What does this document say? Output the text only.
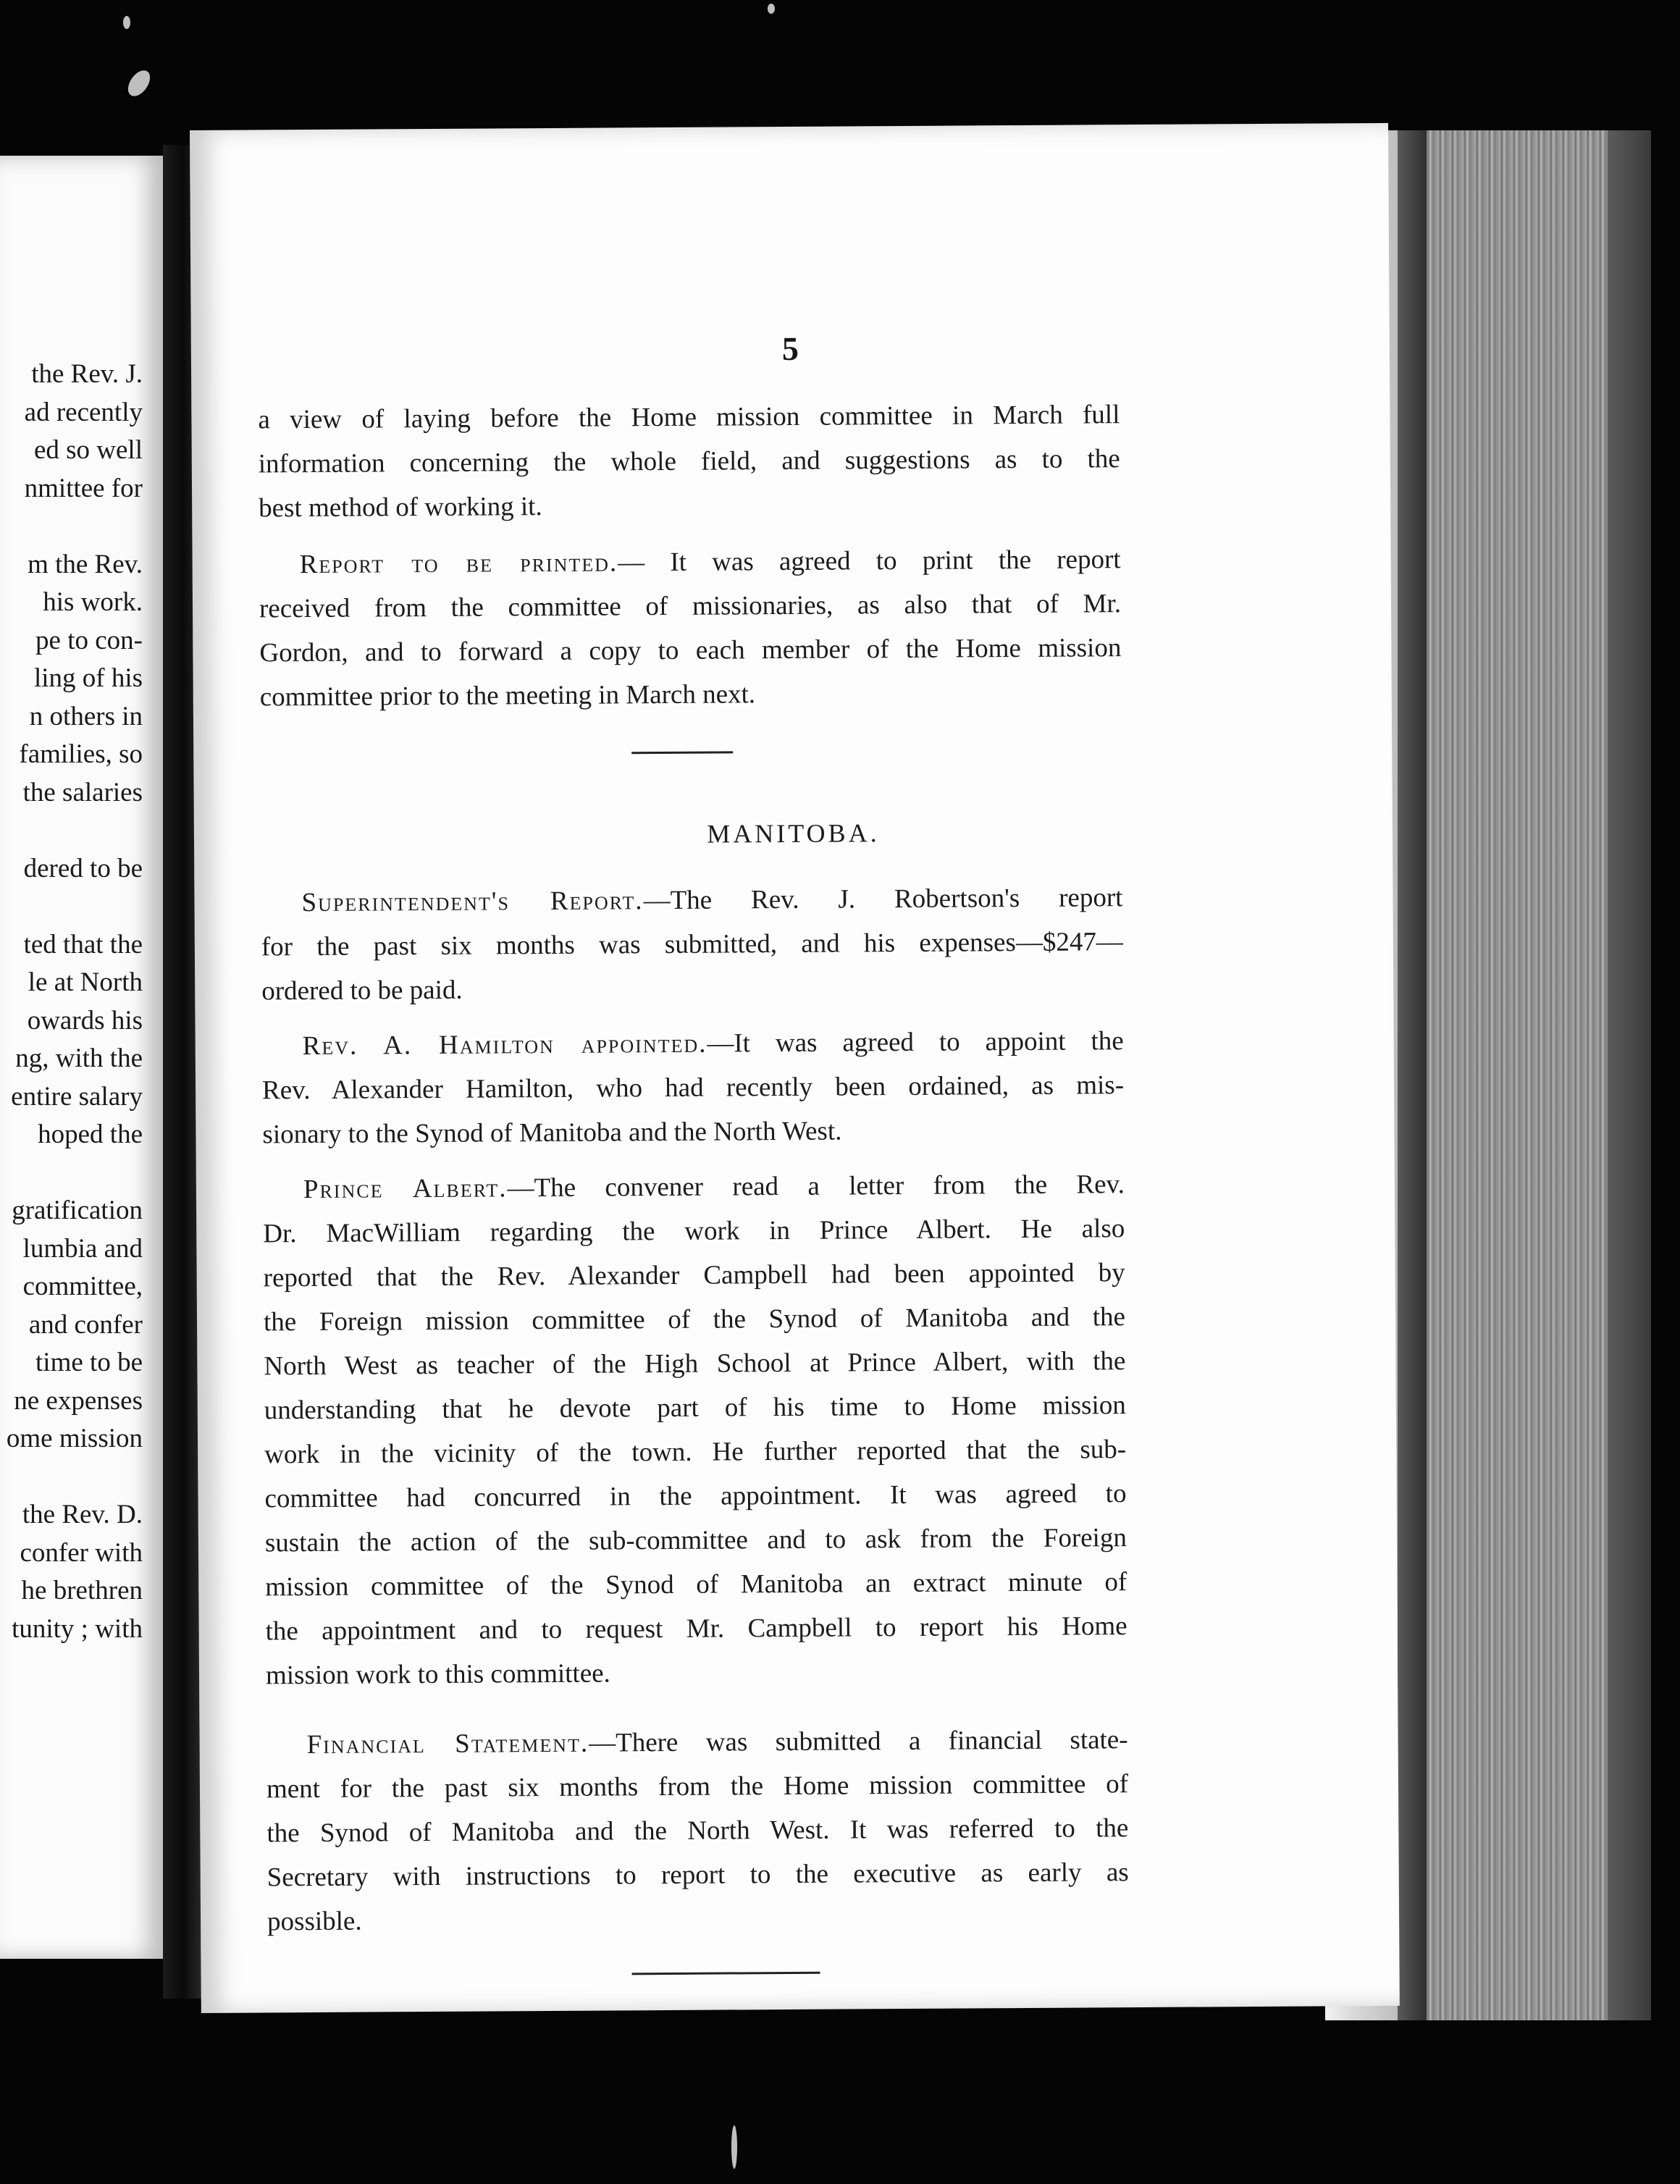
the Rev. J.
ad recently
ed so well
nmittee for
m the Rev.
his work.
pe to con-
ling of his
n others in
families, so
the salaries
dered to be
ted that the
le at North
owards his
ng, with the
entire salary
hoped the
gratification
lumbia and
committee,
and confer
time to be
ne expenses
ome mission
the Rev. D.
confer with
he brethren
tunity ; with
5
a view of laying before the Home mission committee in March full
information concerning the whole field, and suggestions as to the
best method of working it.
Report to be printed.— It was agreed to print the report
received from the committee of missionaries, as also that of Mr.
Gordon, and to forward a copy to each member of the Home mission
committee prior to the meeting in March next.
MANITOBA.
Superintendent's Report.—The Rev. J. Robertson's report
for the past six months was submitted, and his expenses—$247—
ordered to be paid.
Rev. A. Hamilton appointed.—It was agreed to appoint the
Rev. Alexander Hamilton, who had recently been ordained, as mis-
sionary to the Synod of Manitoba and the North West.
Prince Albert.—The convener read a letter from the Rev.
Dr. MacWilliam regarding the work in Prince Albert. He also
reported that the Rev. Alexander Campbell had been appointed by
the Foreign mission committee of the Synod of Manitoba and the
North West as teacher of the High School at Prince Albert, with the
understanding that he devote part of his time to Home mission
work in the vicinity of the town. He further reported that the sub-
committee had concurred in the appointment. It was agreed to
sustain the action of the sub-committee and to ask from the Foreign
mission committee of the Synod of Manitoba an extract minute of
the appointment and to request Mr. Campbell to report his Home
mission work to this committee.
Financial Statement.—There was submitted a financial state-
ment for the past six months from the Home mission committee of
the Synod of Manitoba and the North West. It was referred to the
Secretary with instructions to report to the executive as early as
possible.
